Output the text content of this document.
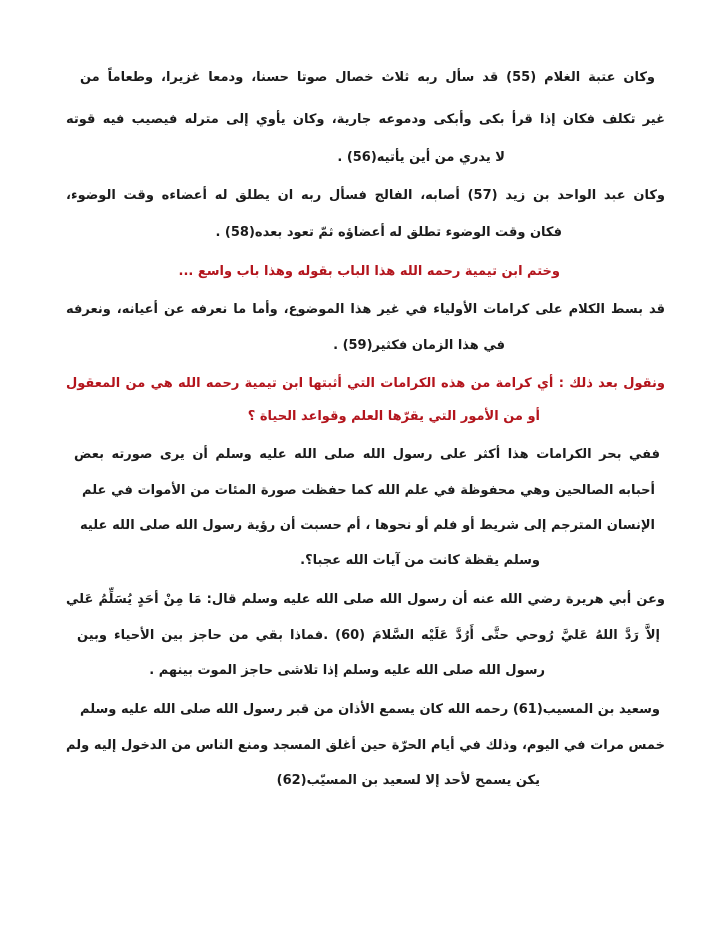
وكان عتبة الغلام (55) قد سأل ربه ثلاث خصال صوتا حسنا، ودمعا غزيرا، وطعاماً من
غير تكلف فكان إذا قرأ بكى وأبكى ودموعه جارية، وكان يأوي إلى مترله فيصيب فيه قوته
لا يدري من أين يأتيه(56) .
وكان عبد الواحد بن زيد (57) أصابه، الفالج فسأل ربه ان يطلق له أعضاءه وقت الوضوء،
فكان وقت الوضوء تطلق له أعضاؤه ثمّ تعود بعده(58) .
وختم ابن تيمية رحمه الله هذا الباب بقوله وهذا باب واسع ...
قد بسط الكلام على كرامات الأولياء في غير هذا الموضوع، وأما ما نعرفه عن أعيانه، ونعرفه
في هذا الزمان فكثير(59) .
ونقول بعد ذلك : أي كرامة من هذه الكرامات التي أثبتها ابن تيمية رحمه الله هي من المعقول
أو من الأمور التي يقرّها العلم وقواعد الحياة ؟
ففي بحر الكرامات هذا أكثر على رسول الله صلى الله عليه وسلم أن يرى صورته بعض
أحبابه الصالحين وهي محفوظة في علم الله كما حفظت صورة المئات من الأموات في علم
الإنسان المترجم إلى شريط أو فلم أو نحوها ، أم حسبت أن رؤية رسول الله صلى الله عليه
وسلم يقظة كانت من آيات الله عجبا؟.
وعن أبي هريرة رضي الله عنه أن رسول الله صلى الله عليه وسلم قال: مَا مِنْ أحَدٍ يُسَلِّمُ عَلي
إلاَّ رَدَّ اللهُ عَليَّ رُوحي حتَّى أَرُدَّ عَلَيْه السَّلامَ (60) .فماذا بقي من حاجز بين الأحياء وبين
رسول الله صلى الله عليه وسلم إذا تلاشى حاجز الموت بينهم .
وسعيد بن المسيب(61) رحمه الله كان يسمع الأذان من قبر رسول الله صلى الله عليه وسلم
خمس مرات في اليوم، وذلك في أيام الحرّة حين أغلق المسجد ومنع الناس من الدخول إليه ولم
يكن يسمح لأحد إلا لسعيد بن المسيّب(62)
